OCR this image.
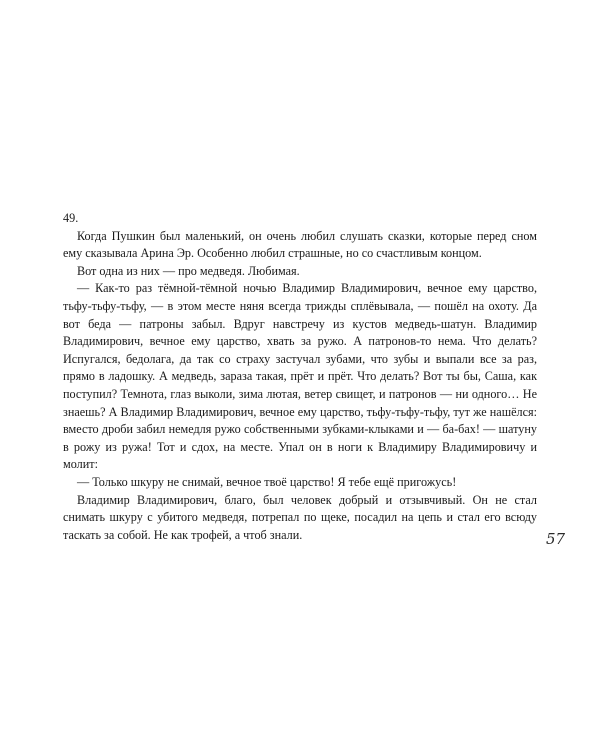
49.

Когда Пушкин был маленький, он очень любил слушать сказки, которые перед сном ему сказывала Арина Эр. Особенно любил страшные, но со счастливым концом.

Вот одна из них — про медведя. Любимая.

— Как-то раз тёмной-тёмной ночью Владимир Владимирович, вечное ему царство, тьфу-тьфу-тьфу, — в этом месте няня всегда трижды сплёвывала, — пошёл на охоту. Да вот беда — патроны забыл. Вдруг навстречу из кустов медведь-шатун. Владимир Владимирович, вечное ему царство, хвать за ружо. А патронов-то нема. Что делать? Испугался, бедолага, да так со страху застучал зубами, что зубы и выпали все за раз, прямо в ладошку. А медведь, зараза такая, прёт и прёт. Что делать? Вот ты бы, Саша, как поступил? Темнота, глаз выколи, зима лютая, ветер свищет, и патронов — ни одного… Не знаешь? А Владимир Владимирович, вечное ему царство, тьфу-тьфу-тьфу, тут же нашёлся: вместо дроби забил немедля ружо собственными зубками-клыками и — ба-бах! — шатуну в рожу из ружа! Тот и сдох, на месте. Упал он в ноги к Владимиру Владимировичу и молит:

— Только шкуру не снимай, вечное твоё царство! Я тебе ещё пригожусь!

Владимир Владимирович, благо, был человек добрый и отзывчивый. Он не стал снимать шкуру с убитого медведя, потрепал по щеке, посадил на цепь и стал его всюду таскать за собой. Не как трофей, а чтоб знали.	57
